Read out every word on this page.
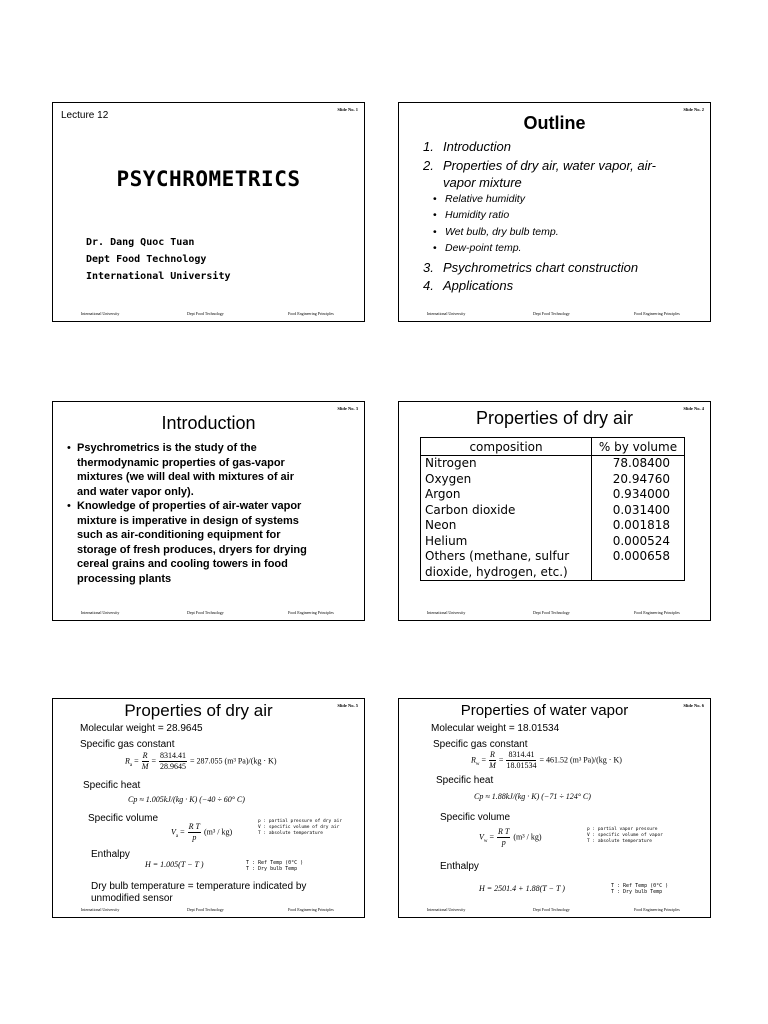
Slide No. 1
Lecture 12
PSYCHROMETRICS
Dr. Dang Quoc Tuan
Dept Food Technology
International University
International University	Dept Food Technology	Food Engineering Principles
Slide No. 2
Outline
1. Introduction
2. Properties of dry air, water vapor, air-
vapor mixture
• Relative humidity
• Humidity ratio
• Wet bulb, dry bulb temp.
• Dew-point temp.
3. Psychrometrics chart construction
4. Applications
International University	Dept Food Technology	Food Engineering Principles
Slide No. 3
Introduction
• Psychrometrics is the study of the
thermodynamic properties of gas-vapor
mixtures (we will deal with mixtures of air
and water vapor only).
• Knowledge of properties of air-water vapor
mixture is imperative in design of systems
such as air-conditioning equipment for
storage of fresh produces, dryers for drying
cereal grains and cooling towers in food
processing plants
International University	Dept Food Technology	Food Engineering Principles
Slide No. 4
Properties of dry air
composition	% by volume
Nitrogen	78.08400
Oxygen	20.94760
Argon	0.934000
Carbon dioxide	0.031400
Neon	0.001818
Helium	0.000524
Others (methane, sulfur	0.000658
dioxide, hydrogen, etc.)	
International University	Dept Food Technology	Food Engineering Principles
Slide No. 5
Properties of dry air
Molecular weight = 28.9645
Specific gas constant
$R_a = \frac{R}{M} = \frac{8314.41}{28.9645} = 287.055$ (m³ Pa)/(kg · K)
Specific heat
Cp ≈ 1.005kJ/(kg · K) (−40 ÷ 60° C)
Specific volume
$V_a = \frac{\text{R T}}{p} (m^3 / kg)$
p : partial pressure of dry air
V : specific volume of dry air
T : absolute temperature
Enthalpy
H = 1.005(T − T )	T : Ref Temp (0°C )
T : Dry bulb Temp
Dry bulb temperature = temperature indicated by
unmodified sensor
International University	Dept Food Technology	Food Engineering Principles
Slide No. 6
Properties of water vapor
Molecular weight = 18.01534
Specific gas constant
$R_w = \frac{R}{M} = \frac{8314.41}{18.01534} = 461.52$ (m³ Pa)/(kg · K)
Specific heat
Cp ≈ 1.88kJ/(kg · K) (−71 ÷ 124° C)
Specific volume
$V_w = \frac{\text{R T}}{p} (m^3 / kg)$
p : partial vapor pressure
V : specific volume of vapor
T : absolute temperature
Enthalpy
H = 2501.4 + 1.88(T − T )	T : Ref Temp (0°C )
T : Dry bulb Temp
International University	Dept Food Technology	Food Engineering Principles
